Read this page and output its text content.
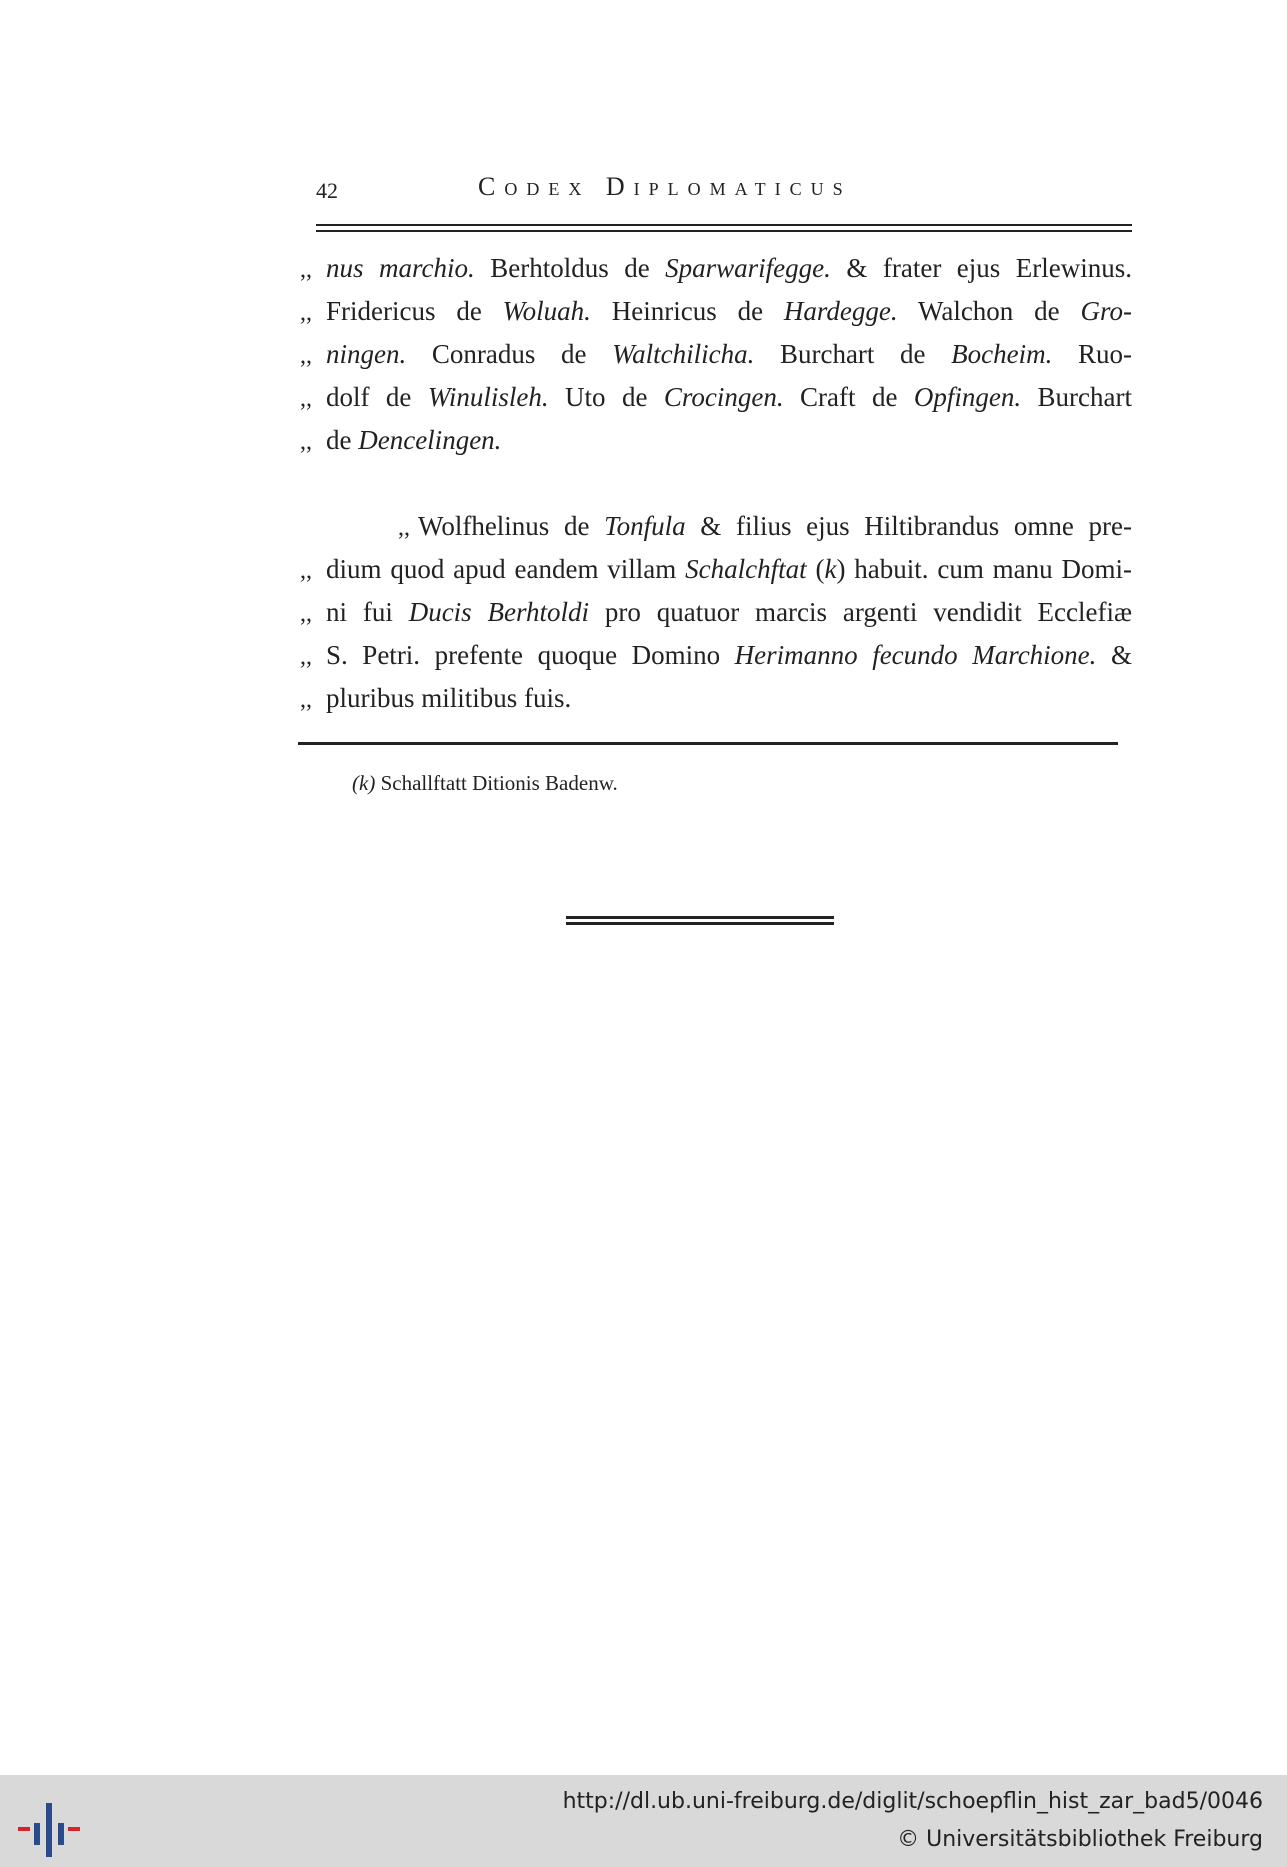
42	Codex Diplomaticus
,, nus marchio. Berhtoldus de Sparwarifegge. & frater ejus Erlewinus.
,, Fridericus de Woluah. Heinricus de Hardegge. Walchon de Gro-
,, ningen. Conradus de Waltchilicha. Burchart de Bocheim. Ruo-
,, dolf de Winulisleh. Uto de Crocingen. Craft de Opfingen. Burchart
,, de Dencelingen.
,, Wolfhelinus de Tonfula & filius ejus Hiltibrandus omne pre-
,, dium quod apud eandem villam Schalchftat (k) habuit. cum manu Domi-
,, ni fui Ducis Berhtoldi pro quatuor marcis argenti vendidit Ecclefiæ
,, S. Petri. prefente quoque Domino Herimanno fecundo Marchione. &
,, pluribus militibus fuis.
(k) Schallftatt Ditionis Badenw.
http://dl.ub.uni-freiburg.de/diglit/schoepflin_hist_zar_bad5/0046
© Universitätsbibliothek Freiburg
